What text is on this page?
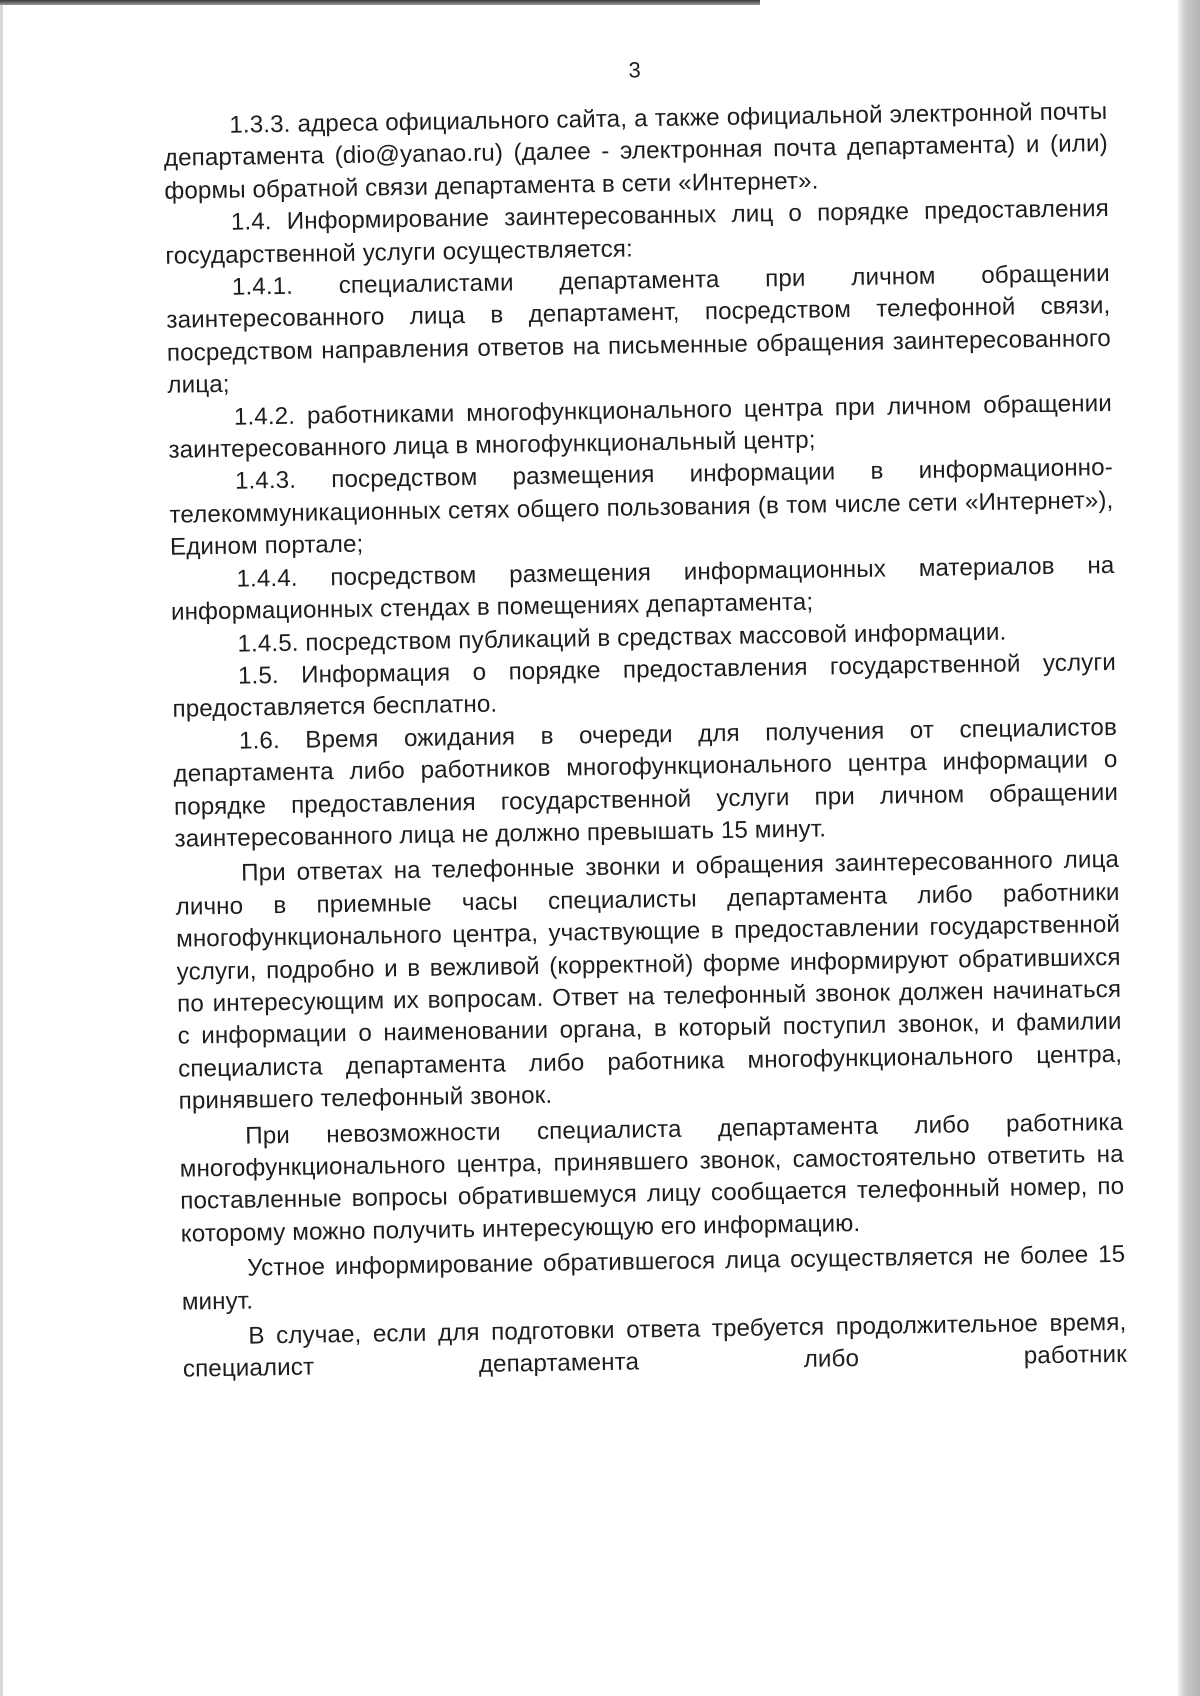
3

1.3.3. адреса официального сайта, а также официальной электронной почты департамента (dio@yanao.ru) (далее - электронная почта департамента) и (или) формы обратной связи департамента в сети «Интернет».

1.4. Информирование заинтересованных лиц о порядке предоставления государственной услуги осуществляется:

1.4.1. специалистами департамента при личном обращении заинтересованного лица в департамент, посредством телефонной связи, посредством направления ответов на письменные обращения заинтересованного лица;

1.4.2. работниками многофункционального центра при личном обращении заинтересованного лица в многофункциональный центр;

1.4.3. посредством размещения информации в информационно-телекоммуникационных сетях общего пользования (в том числе сети «Интернет»), Едином портале;

1.4.4. посредством размещения информационных материалов на информационных стендах в помещениях департамента;

1.4.5. посредством публикаций в средствах массовой информации.

1.5. Информация о порядке предоставления государственной услуги предоставляется бесплатно.

1.6. Время ожидания в очереди для получения от специалистов департамента либо работников многофункционального центра информации о порядке предоставления государственной услуги при личном обращении заинтересованного лица не должно превышать 15 минут.

При ответах на телефонные звонки и обращения заинтересованного лица лично в приемные часы специалисты департамента либо работники многофункционального центра, участвующие в предоставлении государственной услуги, подробно и в вежливой (корректной) форме информируют обратившихся по интересующим их вопросам. Ответ на телефонный звонок должен начинаться с информации о наименовании органа, в который поступил звонок, и фамилии специалиста департамента либо работника многофункционального центра, принявшего телефонный звонок.

При невозможности специалиста департамента либо работника многофункционального центра, принявшего звонок, самостоятельно ответить на поставленные вопросы обратившемуся лицу сообщается телефонный номер, по которому можно получить интересующую его информацию.

Устное информирование обратившегося лица осуществляется не более 15 минут.

В случае, если для подготовки ответа требуется продолжительное время, специалист департамента либо работник
